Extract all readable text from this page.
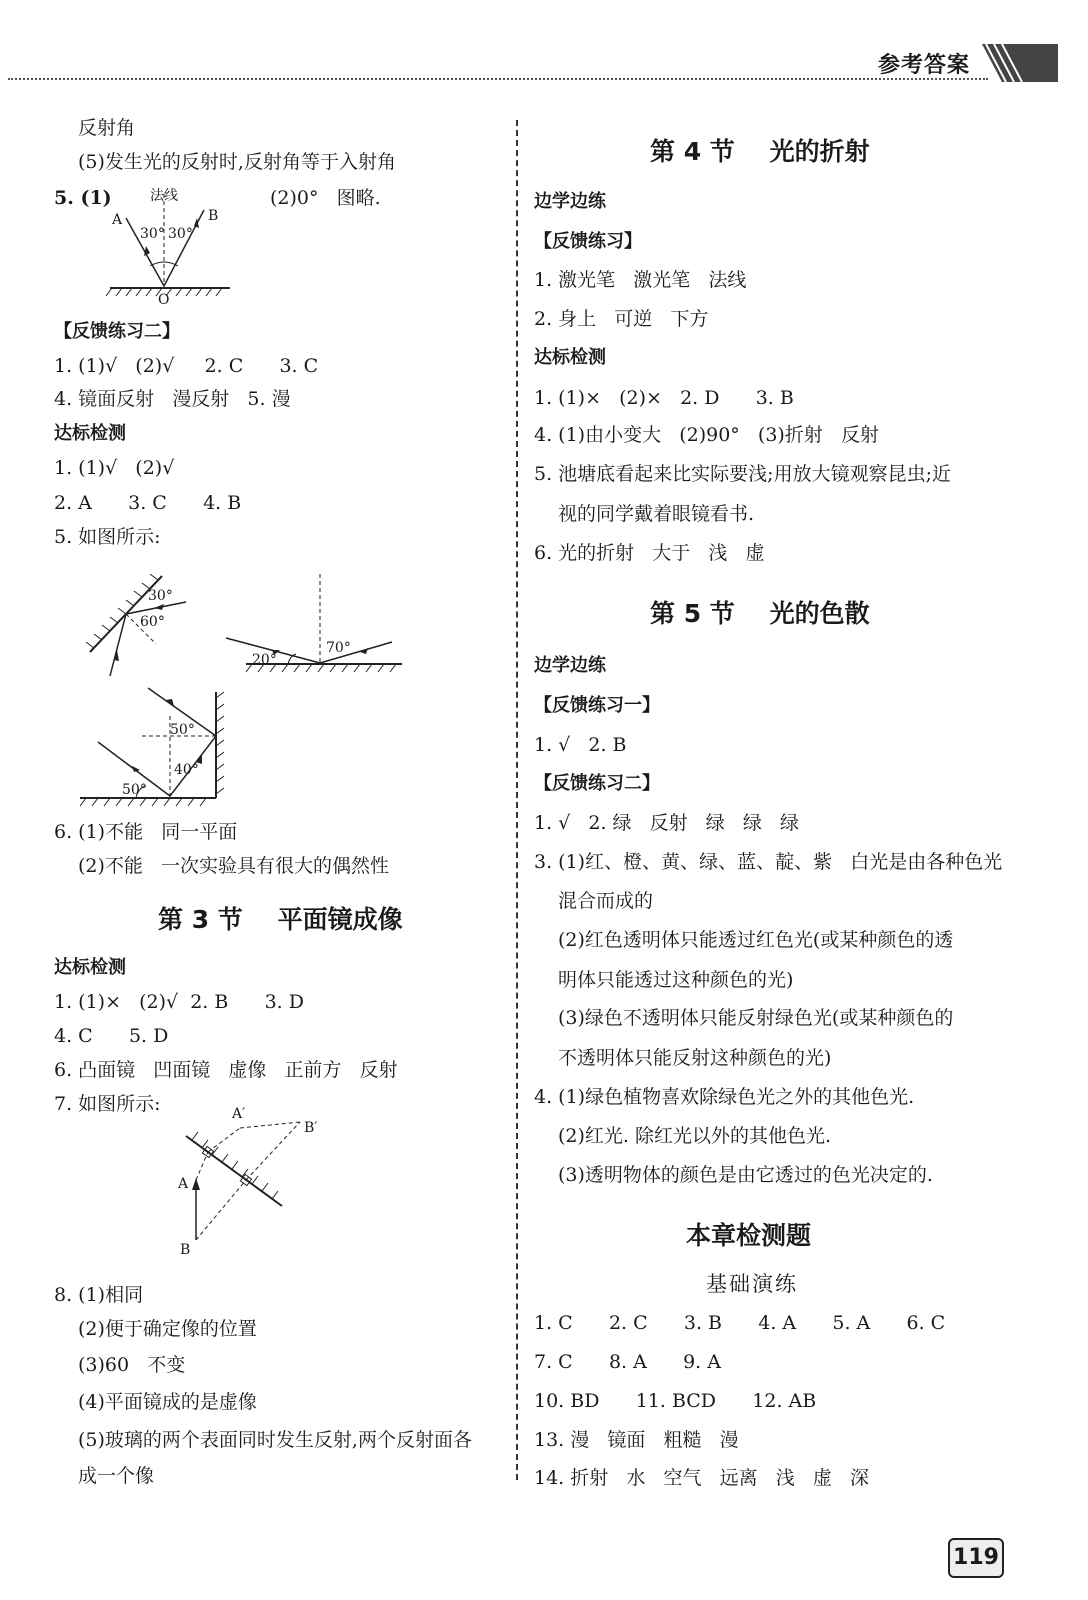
参考答案
反射角
(5)发生光的反射时,反射角等于入射角
5. (1)	(2)0°   图略.
法线
A	B
O
30° 30°
【反馈练习二】
1. (1)√   (2)√     2. C      3. C
4. 镜面反射   漫反射   5. 漫
达标检测
1. (1)√   (2)√
2. A      3. C      4. B
5. 如图所示:
30°
60°
20°
70°
50°
40°
50°
6. (1)不能   同一平面
(2)不能   一次实验具有很大的偶然性
第 3 节    平面镜成像
达标检测
1. (1)×   (2)√  2. B      3. D
4. C      5. D
6. 凸面镜   凹面镜   虚像   正前方   反射
7. 如图所示:	A′
B′
A
B
8. (1)相同
(2)便于确定像的位置
(3)60   不变
(4)平面镜成的是虚像
(5)玻璃的两个表面同时发生反射,两个反射面各
成一个像
第 4 节    光的折射
边学边练
【反馈练习】
1. 激光笔   激光笔   法线
2. 身上   可逆   下方
达标检测
1. (1)×   (2)×   2. D      3. B
4. (1)由小变大   (2)90°   (3)折射   反射
5. 池塘底看起来比实际要浅;用放大镜观察昆虫;近
视的同学戴着眼镜看书.
6. 光的折射   大于   浅   虚
第 5 节    光的色散
边学边练
【反馈练习一】
1. √   2. B
【反馈练习二】
1. √   2. 绿   反射   绿   绿   绿
3. (1)红、橙、黄、绿、蓝、靛、紫   白光是由各种色光
混合而成的
(2)红色透明体只能透过红色光(或某种颜色的透
明体只能透过这种颜色的光)
(3)绿色不透明体只能反射绿色光(或某种颜色的
不透明体只能反射这种颜色的光)
4. (1)绿色植物喜欢除绿色光之外的其他色光.
(2)红光. 除红光以外的其他色光.
(3)透明物体的颜色是由它透过的色光决定的.
本章检测题
基础演练
1. C      2. C      3. B      4. A      5. A      6. C
7. C      8. A      9. A
10. BD      11. BCD      12. AB
13. 漫   镜面   粗糙   漫
14. 折射   水   空气   远离   浅   虚   深
119
